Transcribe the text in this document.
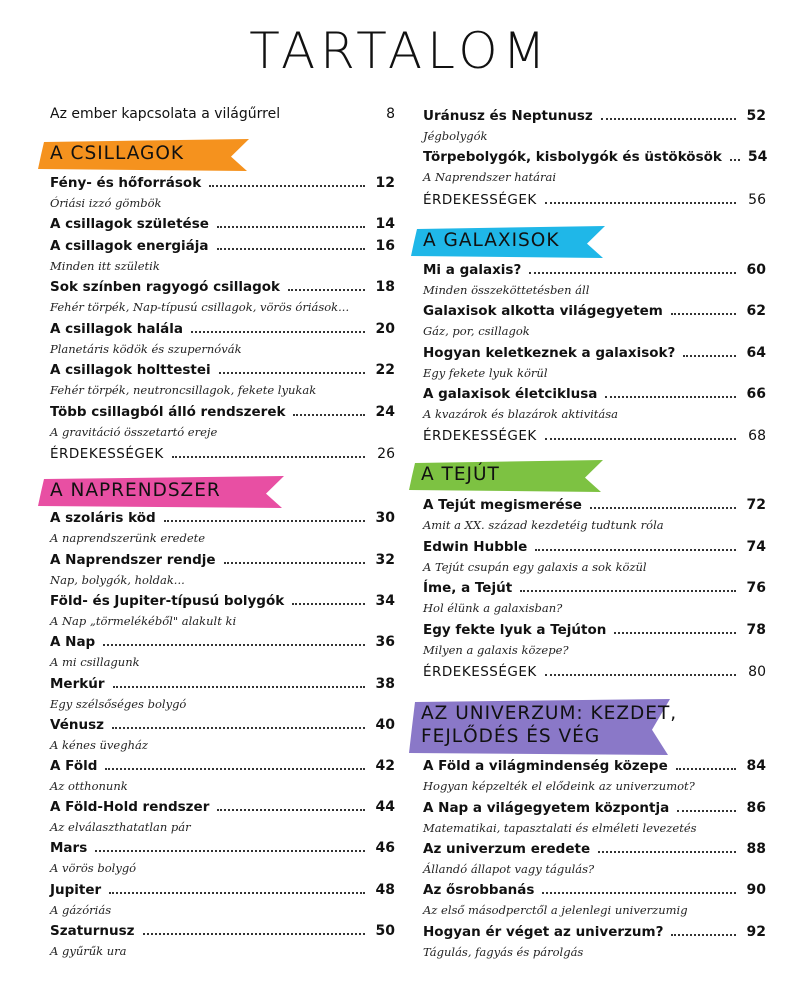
TARTALOM
Az ember kapcsolata a világűrrel	8
A CSILLAGOK
Fény- és hőforrások	12
Óriási izzó gömbök
A csillagok születése	14
A csillagok energiája	16
Minden itt születik
Sok színben ragyogó csillagok	18
Fehér törpék, Nap-típusú csillagok, vörös óriások...
A csillagok halála	20
Planetáris ködök és szupernóvák
A csillagok holttestei	22
Fehér törpék, neutroncsillagok, fekete lyukak
Több csillagból álló rendszerek	24
A gravitáció összetartó ereje
ÉRDEKESSÉGEK	26
A NAPRENDSZER
A szoláris köd	30
A naprendszerünk eredete
A Naprendszer rendje	32
Nap, bolygók, holdak...
Föld- és Jupiter-típusú bolygók	34
A Nap „törmelékéből" alakult ki
A Nap	36
A mi csillagunk
Merkúr	38
Egy szélsőséges bolygó
Vénusz	40
A kénes üvegház
A Föld	42
Az otthonunk
A Föld-Hold rendszer	44
Az elválaszthatatlan pár
Mars	46
A vörös bolygó
Jupiter	48
A gázóriás
Szaturnusz	50
A gyűrűk ura
Uránusz és Neptunusz	52
Jégbolygók
Törpebolygók, kisbolygók és üstökösök 54
A Naprendszer határai
ÉRDEKESSÉGEK	56
A GALAXISOK
Mi a galaxis?	60
Minden összeköttetésben áll
Galaxisok alkotta világegyetem	62
Gáz, por, csillagok
Hogyan keletkeznek a galaxisok?	64
Egy fekete lyuk körül
A galaxisok életciklusa	66
A kvazárok és blazárok aktivitása
ÉRDEKESSÉGEK	68
A TEJÚT
A Tejút megismerése	72
Amit a XX. század kezdetéig tudtunk róla
Edwin Hubble	74
A Tejút csupán egy galaxis a sok közül
Íme, a Tejút	76
Hol élünk a galaxisban?
Egy fekte lyuk a Tejúton	78
Milyen a galaxis közepe?
ÉRDEKESSÉGEK	80
AZ UNIVERZUM: KEZDET,
FEJLŐDÉS ÉS VÉG
A Föld a világmindenség közepe	84
Hogyan képzelték el elődeink az univerzumot?
A Nap a világegyetem központja	86
Matematikai, tapasztalati és elméleti levezetés
Az univerzum eredete	88
Állandó állapot vagy tágulás?
Az ősrobbanás	90
Az első másodperctől a jelenlegi univerzumig
Hogyan ér véget az univerzum?	92
Tágulás, fagyás és párolgás
